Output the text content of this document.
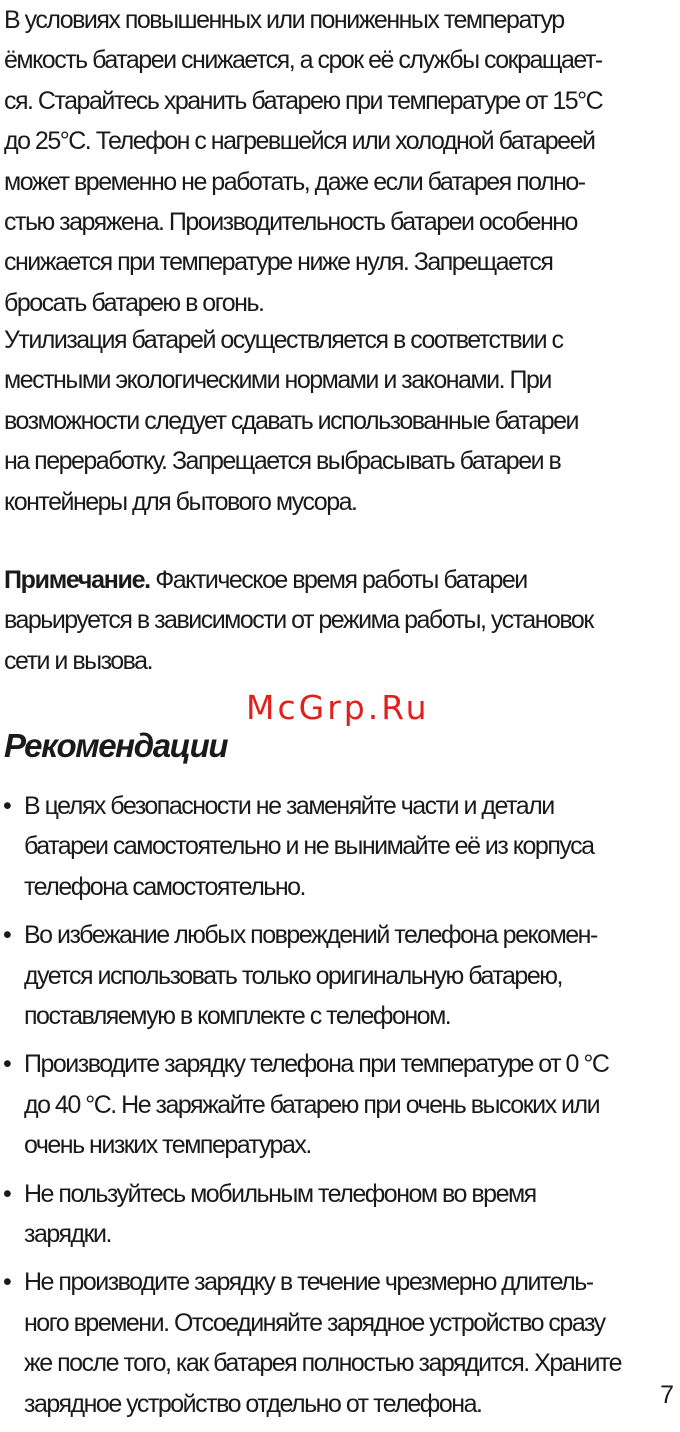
В условиях повышенных или пониженных температур
ёмкость батареи снижается, а срок её службы сокращает-
ся. Старайтесь хранить батарею при температуре от 15°C
до 25°C. Телефон с нагревшейся или холодной батареей
может временно не работать, даже если батарея полно-
стью заряжена. Производительность батареи особенно
снижается при температуре ниже нуля. Запрещается
бросать батарею в огонь.

Утилизация батарей осуществляется в соответствии с
местными экологическими нормами и законами. При
возможности следует сдавать использованные батареи
на переработку. Запрещается выбрасывать батареи в
контейнеры для бытового мусора.

Примечание. Фактическое время работы батареи
варьируется в зависимости от режима работы, установок
сети и вызова.

McGrp.Ru

Рекомендации
• В целях безопасности не заменяйте части и детали
батареи самостоятельно и не вынимайте её из корпуса
телефона самостоятельно.
• Во избежание любых повреждений телефона рекомен-
дуется использовать только оригинальную батарею,
поставляемую в комплекте с телефоном.
• Производите зарядку телефона при температуре от 0 °C
до 40 °C. Не заряжайте батарею при очень высоких или
очень низких температурах.
• Не пользуйтесь мобильным телефоном во время
зарядки.
• Не производите зарядку в течение чрезмерно длитель-
ного времени. Отсоединяйте зарядное устройство сразу
же после того, как батарея полностью зарядится. Храните
зарядное устройство отдельно от телефона.	7
